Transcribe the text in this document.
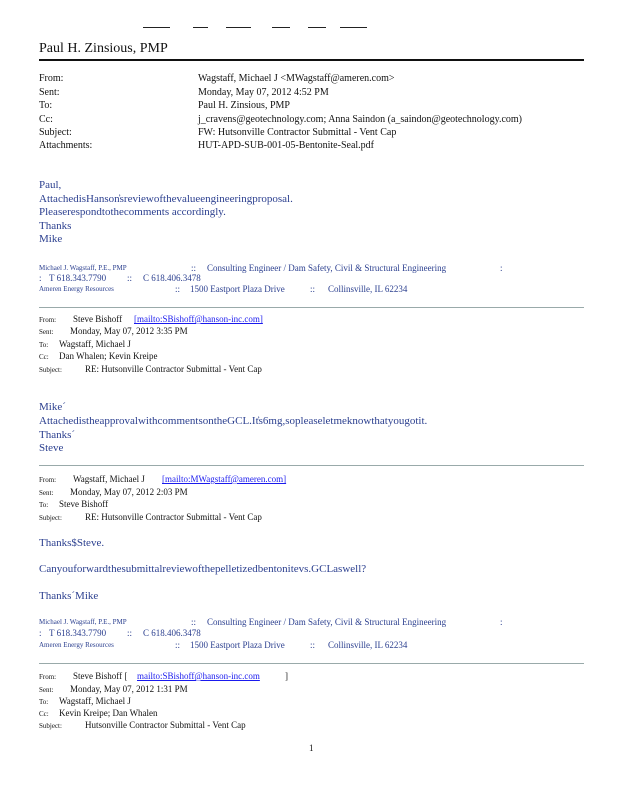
Paul H. Zinsious, PMP
From:	Wagstaff, Michael J <MWagstaff@ameren.com>
Sent:	Monday, May 07, 2012 4:52 PM
To:	Paul H. Zinsious, PMP
Cc:	j_cravens@geotechnology.com; Anna Saindon (a_saindon@geotechnology.com)
Subject:	FW: Hutsonville Contractor Submittal - Vent Cap
Attachments:	HUT-APD-SUB-001-05-Bentonite-Seal.pdf
Paul,
AttachedisHanson̓sreviewofthevalueengineeringproposal.
Pleaserespondtothecomments accordingly.
Thanks
Mike
Michael J. Wagstaff, P.E., PMP	:: Consulting Engineer / Dam Safety, Civil & Structural Engineering	:
: T 618.343.7790 :: C 618.406.3478
Ameren Energy Resources	:: 1500 Eastport Plaza Drive	:: Collinsville, IL 62234
From: Steve Bishoff [mailto:SBishoff@hanson-inc.com]
Sent: Monday, May 07, 2012 3:35 PM
To: Wagstaff, Michael J
Cc: Dan Whalen; Kevin Kreipe
Subject:	RE: Hutsonville Contractor Submittal - Vent Cap
Mike´
AttachedistheapprovalwithcommentsontheGCL.It̓s6mg,sopleaseletmeknowthatyougotit.
Thanks´
Steve
From: Wagstaff, Michael J [mailto:MWagstaff@ameren.com]
Sent: Monday, May 07, 2012 2:03 PM
To: Steve Bishoff
Subject:	RE: Hutsonville Contractor Submittal - Vent Cap
Thanks$Steve.
Canyouforwardthesubmittalreviewofthepelletizedbentonitevs.GCLaswell?
Thanks´Mike
Michael J. Wagstaff, P.E., PMP	:: Consulting Engineer / Dam Safety, Civil & Structural Engineering	:
: T 618.343.7790 :: C 618.406.3478
Ameren Energy Resources	:: 1500 Eastport Plaza Drive	:: Collinsville, IL 62234
From: Steve Bishoff [ mailto:SBishoff@hanson-inc.com	]
Sent: Monday, May 07, 2012 1:31 PM
To: Wagstaff, Michael J
Cc: Kevin Kreipe; Dan Whalen
Subject:	Hutsonville Contractor Submittal - Vent Cap
1
